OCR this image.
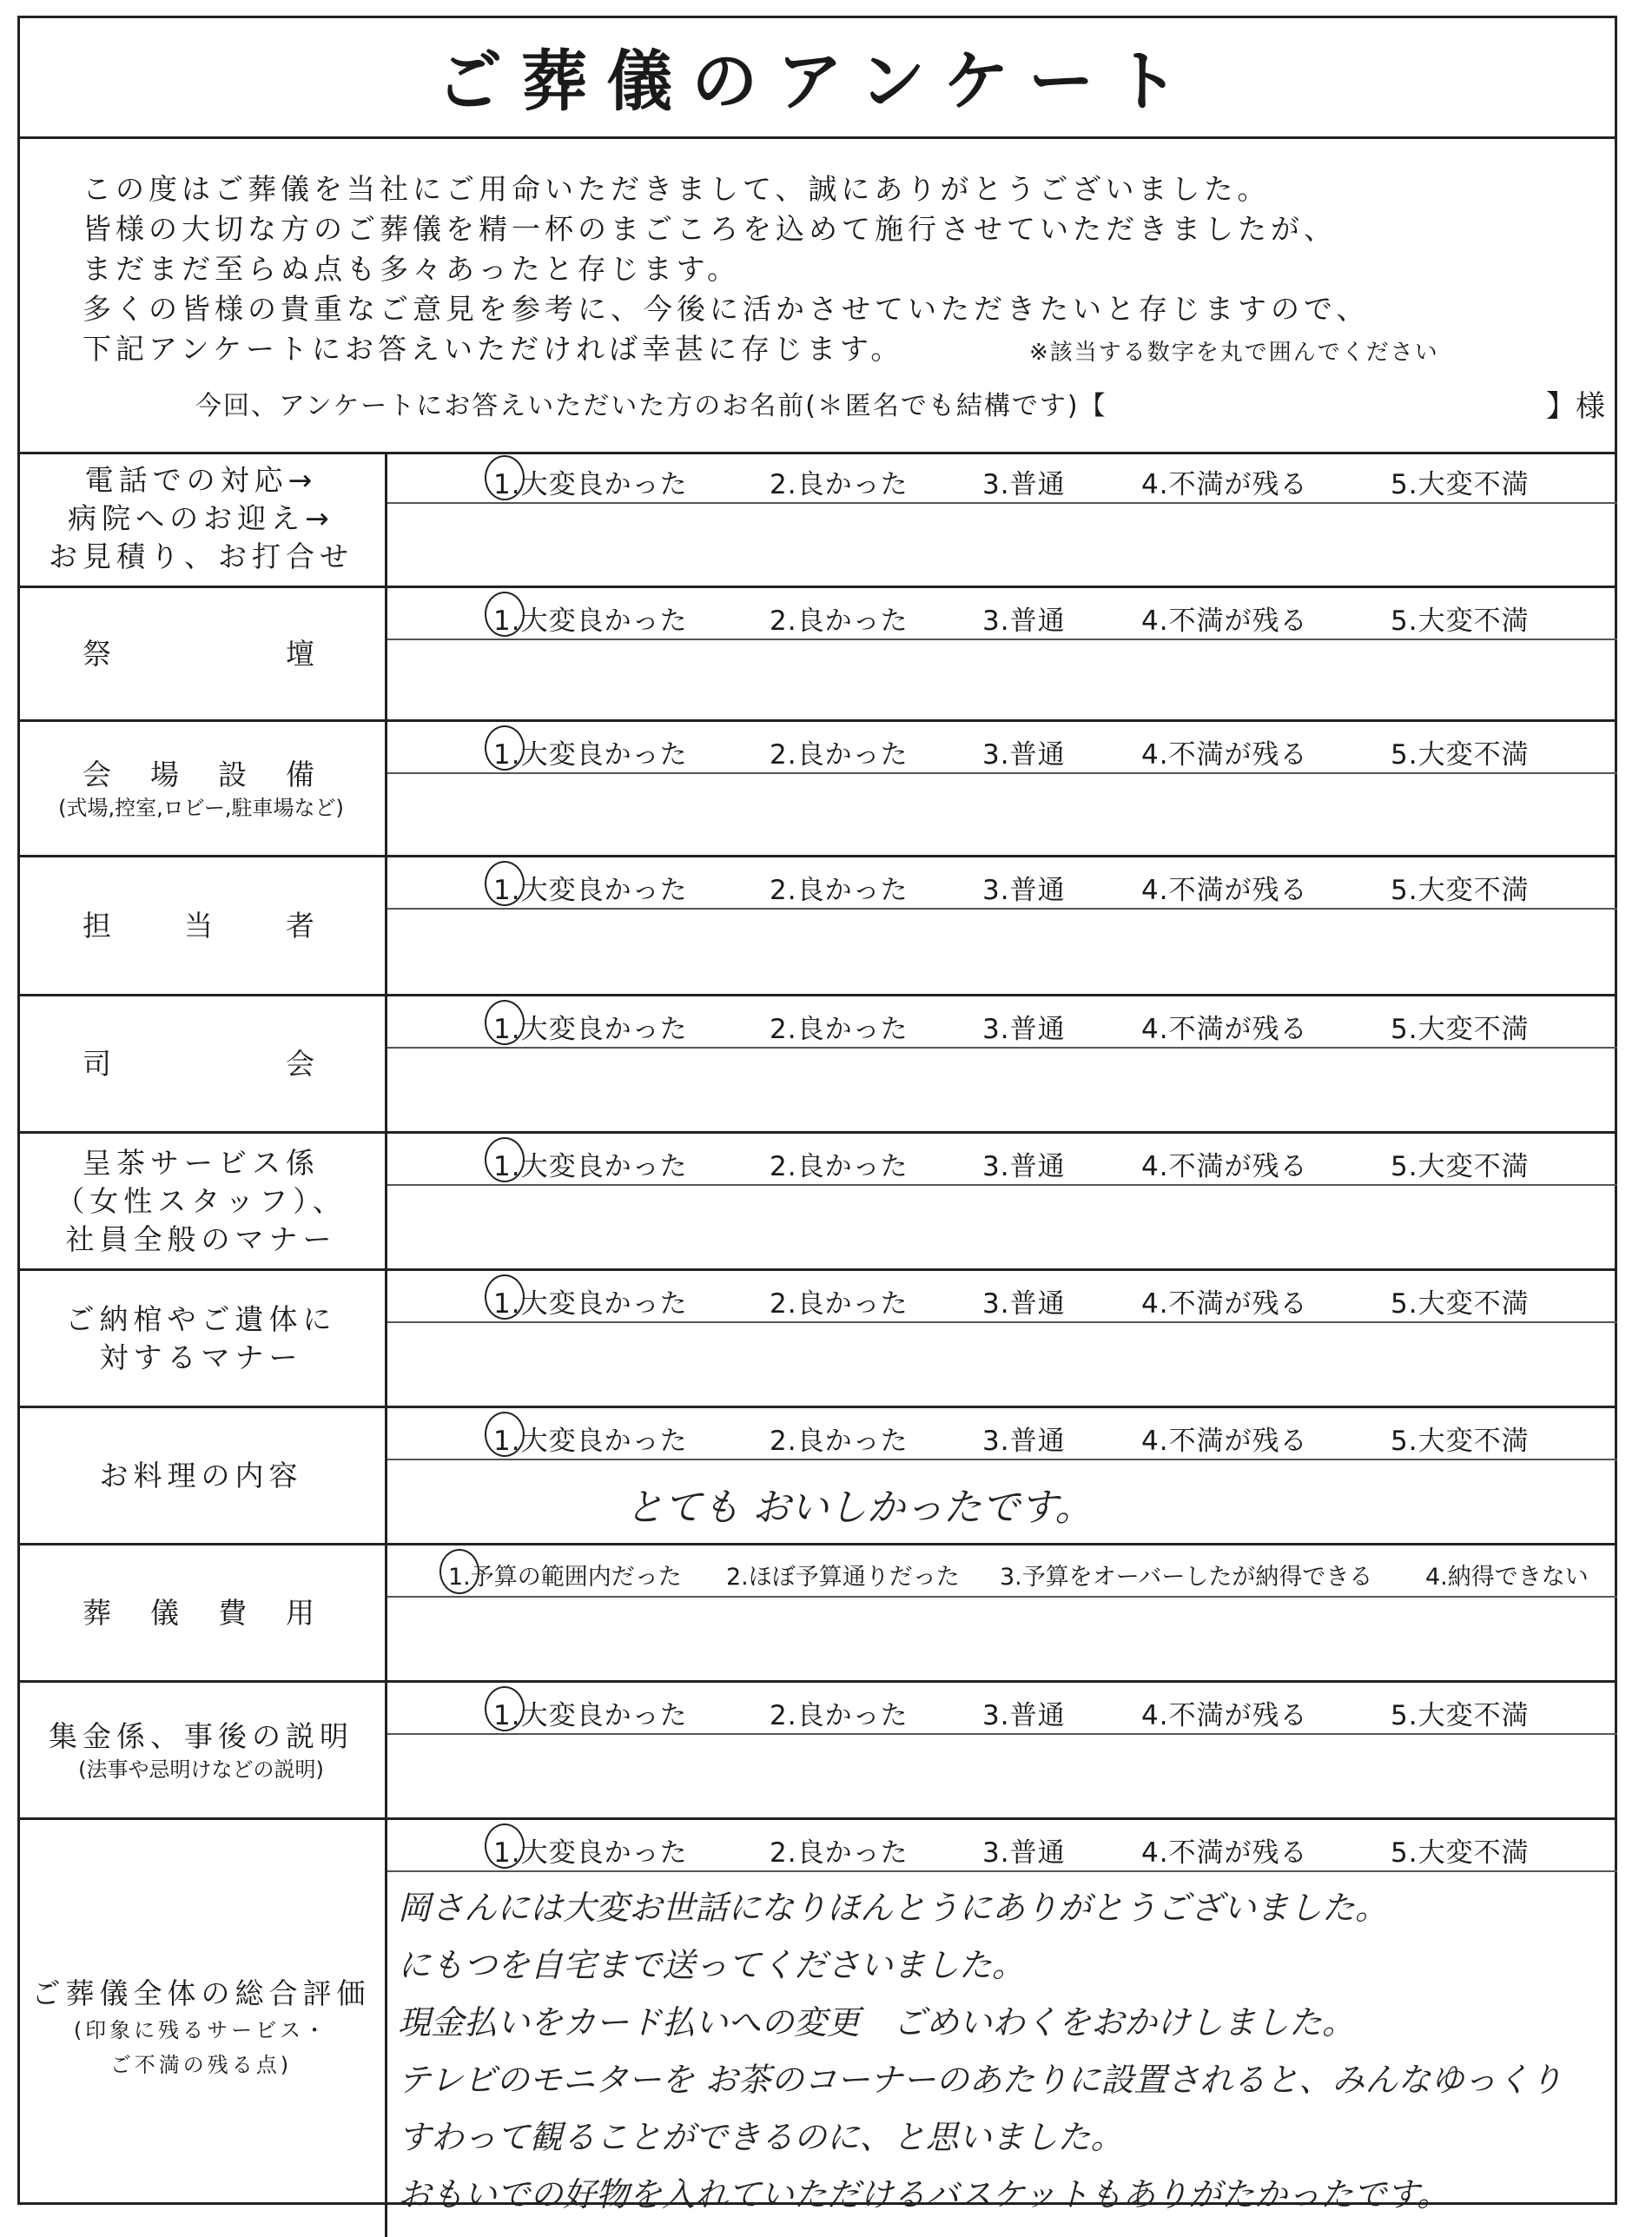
ご葬儀のアンケート
この度はご葬儀を当社にご用命いただきまして、誠にありがとうございました。
皆様の大切な方のご葬儀を精一杯のまごころを込めて施行させていただきましたが、
まだまだ至らぬ点も多々あったと存じます。
多くの皆様の貴重なご意見を参考に、今後に活かさせていただきたいと存じますので、
下記アンケートにお答えいただければ幸甚に存じます。	※該当する数字を丸で囲んでください
今回、アンケートにお答えいただいた方のお名前(＊匿名でも結構です)【	】様
電話での対応→
病院へのお迎え→
お見積り、お打合せ
1.大変良かった	2.良かった	3.普通	4.不満が残る	5.大変不満
祭　　　　　壇
1.大変良かった	2.良かった	3.普通	4.不満が残る	5.大変不満
会　場　設　備
(式場,控室,ロビー,駐車場など)
1.大変良かった	2.良かった	3.普通	4.不満が残る	5.大変不満
担　　当　　者
1.大変良かった	2.良かった	3.普通	4.不満が残る	5.大変不満
司　　　　　会
1.大変良かった	2.良かった	3.普通	4.不満が残る	5.大変不満
呈茶サービス係
（女性スタッフ）、
社員全般のマナー
1.大変良かった	2.良かった	3.普通	4.不満が残る	5.大変不満
ご納棺やご遺体に
対するマナー
1.大変良かった	2.良かった	3.普通	4.不満が残る	5.大変不満
お料理の内容
1.大変良かった	2.良かった	3.普通	4.不満が残る	5.大変不満
とても おいしかったです。
葬　儀　費　用
1.予算の範囲内だった 2.ほぼ予算通りだった 3.予算をオーバーしたが納得できる 4.納得できない
集金係、事後の説明
(法事や忌明けなどの説明)
1.大変良かった	2.良かった	3.普通	4.不満が残る	5.大変不満
ご葬儀全体の総合評価
(印象に残るサービス・
ご不満の残る点)
1.大変良かった	2.良かった	3.普通	4.不満が残る	5.大変不満
岡さんには大変お世話になりほんとうにありがとうございました。
にもつを自宅まで送ってくださいました。
現金払いをカード払いへの変更　ごめいわくをおかけしました。
テレビのモニターを お茶のコーナーのあたりに設置されると、みんなゆっくり
すわって観ることができるのに、と思いました。
おもいでの好物を入れていただけるバスケットもありがたかったです。
